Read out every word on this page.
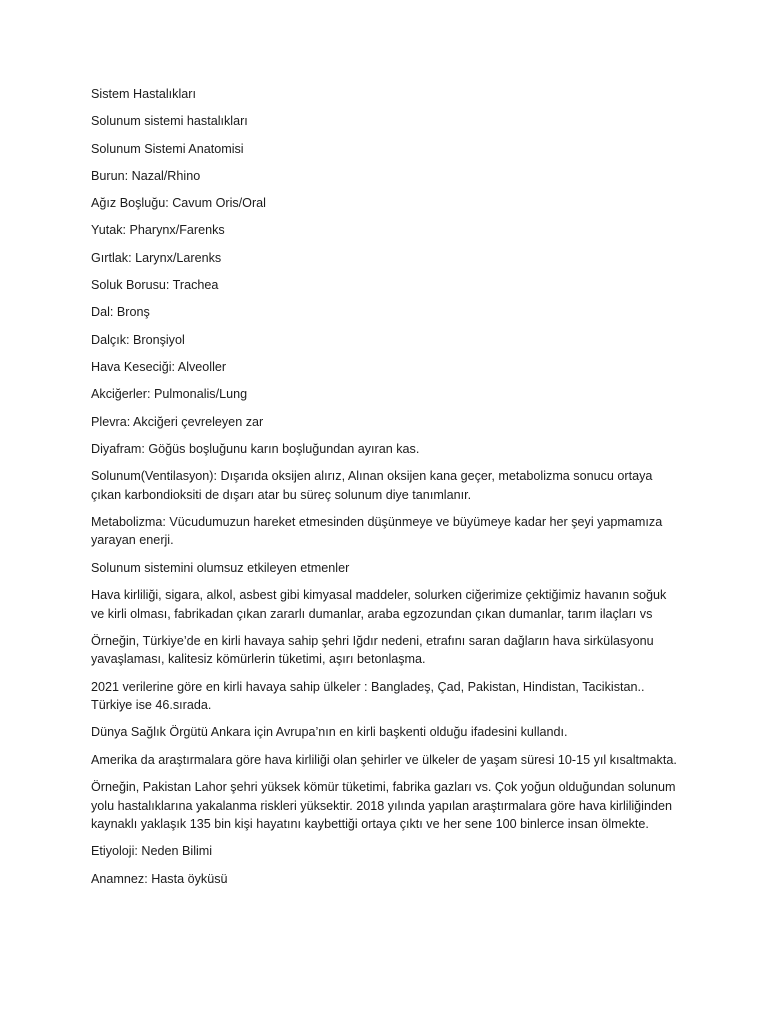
Sistem Hastalıkları

Solunum sistemi hastalıkları

Solunum Sistemi Anatomisi

Burun: Nazal/Rhino

Ağız Boşluğu: Cavum Oris/Oral

Yutak: Pharynx/Farenks

Gırtlak: Larynx/Larenks

Soluk Borusu: Trachea

Dal: Bronş

Dalçık: Bronşiyol

Hava Keseciği: Alveoller

Akciğerler: Pulmonalis/Lung

Plevra: Akciğeri çevreleyen zar

Diyafram: Göğüs boşluğunu karın boşluğundan ayıran kas.

Solunum(Ventilasyon): Dışarıda oksijen alırız, Alınan oksijen kana geçer, metabolizma sonucu ortaya çıkan karbondioksiti de dışarı atar bu süreç solunum diye tanımlanır.

Metabolizma: Vücudumuzun hareket etmesinden düşünmeye ve büyümeye kadar her şeyi yapmamıza yarayan enerji.

Solunum sistemini olumsuz etkileyen etmenler

Hava kirliliği, sigara, alkol, asbest gibi kimyasal maddeler, solurken ciğerimize çektiğimiz havanın soğuk ve kirli olması, fabrikadan çıkan zararlı dumanlar, araba egzozundan çıkan dumanlar, tarım ilaçları vs

Örneğin, Türkiye’de en kirli havaya sahip şehri Iğdır nedeni, etrafını saran dağların hava sirkülasyonu yavaşlaması, kalitesiz kömürlerin tüketimi, aşırı betonlaşma.

2021 verilerine göre en kirli havaya sahip ülkeler : Bangladeş, Çad, Pakistan, Hindistan, Tacikistan.. Türkiye ise 46.sırada.

Dünya Sağlık Örgütü Ankara için Avrupa’nın en kirli başkenti olduğu ifadesini kullandı.

Amerika da araştırmalara göre hava kirliliği olan şehirler ve ülkeler de yaşam süresi 10-15 yıl kısaltmakta.

Örneğin, Pakistan Lahor şehri yüksek kömür tüketimi, fabrika gazları vs. Çok yoğun olduğundan solunum yolu hastalıklarına yakalanma riskleri yüksektir. 2018 yılında yapılan araştırmalara göre hava kirliliğinden kaynaklı yaklaşık 135 bin kişi hayatını kaybettiği ortaya çıktı ve her sene 100 binlerce insan ölmekte.

Etiyoloji: Neden Bilimi

Anamnez: Hasta öyküsü
